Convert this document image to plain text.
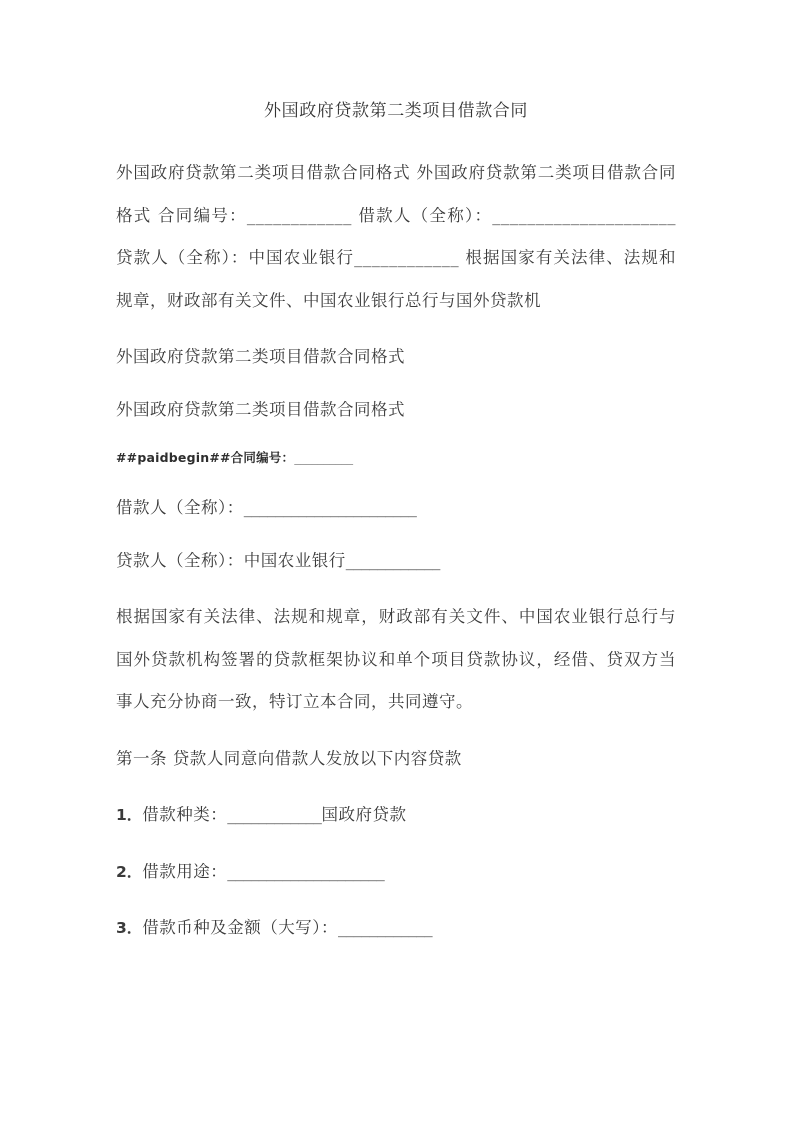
外国政府贷款第二类项目借款合同

外国政府贷款第二类项目借款合同格式 外国政府贷款第二类项目借款合同格式 合同编号：____________ 借款人（全称）：_____________________ 贷款人（全称）：中国农业银行____________ 根据国家有关法律、法规和规章，财政部有关文件、中国农业银行总行与国外贷款机

外国政府贷款第二类项目借款合同格式

外国政府贷款第二类项目借款合同格式

##paidbegin##合同编号：__________

借款人（全称）：______________________

贷款人（全称）：中国农业银行____________

根据国家有关法律、法规和规章，财政部有关文件、中国农业银行总行与国外贷款机构签署的贷款框架协议和单个项目贷款协议，经借、贷双方当事人充分协商一致，特订立本合同，共同遵守。

第一条 贷款人同意向借款人发放以下内容贷款

1．借款种类：____________国政府贷款

2．借款用途：____________________

3．借款币种及金额（大写）：____________
